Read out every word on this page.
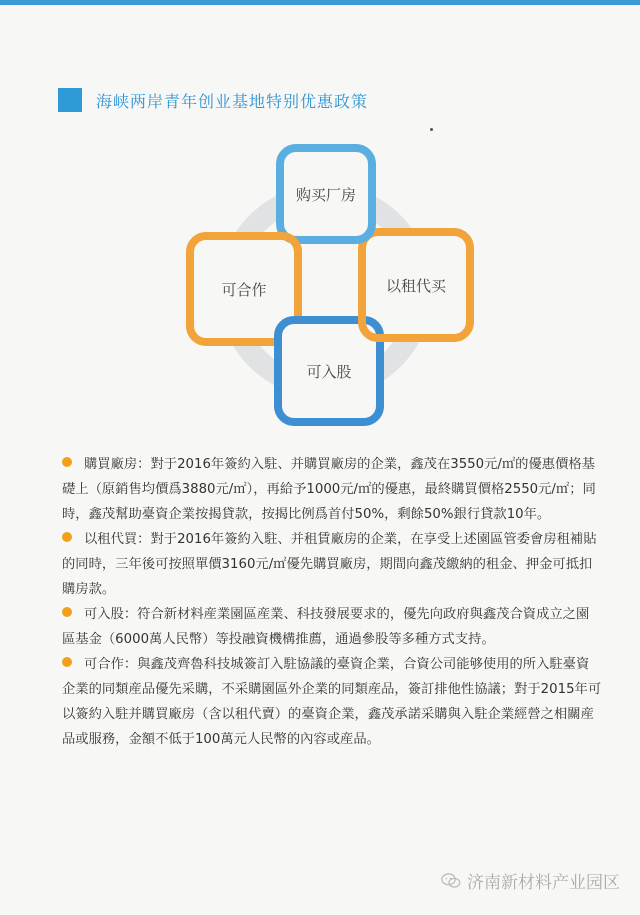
海峡两岸青年创业基地特别优惠政策
可合作	以租代买
购买厂房
可入股

購買廠房：對于2016年簽約入駐、并購買廠房的企業，鑫茂在3550元/㎡的優惠價格基礎上（原銷售均價爲3880元/㎡），再給予1000元/㎡的優惠，最終購買價格2550元/㎡；同時，鑫茂幫助臺資企業按揭貸款，按揭比例爲首付50%，剩餘50%銀行貸款10年。

以租代買：對于2016年簽約入駐、并租賃廠房的企業，在享受上述園區管委會房租補貼的同時，三年後可按照單價3160元/㎡優先購買廠房，期間向鑫茂繳納的租金、押金可抵扣購房款。

可入股：符合新材料産業園區産業、科技發展要求的，優先向政府與鑫茂合資成立之園區基金（6000萬人民幣）等投融資機構推薦，通過參股等多種方式支持。

可合作：與鑫茂齊魯科技城簽訂入駐協議的臺資企業，合資公司能够使用的所入駐臺資企業的同類産品優先采購，不采購園區外企業的同類産品，簽訂排他性協議；對于2015年可以簽約入駐并購買廠房（含以租代賣）的臺資企業，鑫茂承諾采購與入駐企業經營之相關産品或服務，金額不低于100萬元人民幣的內容或産品。

济南新材料产业园区
